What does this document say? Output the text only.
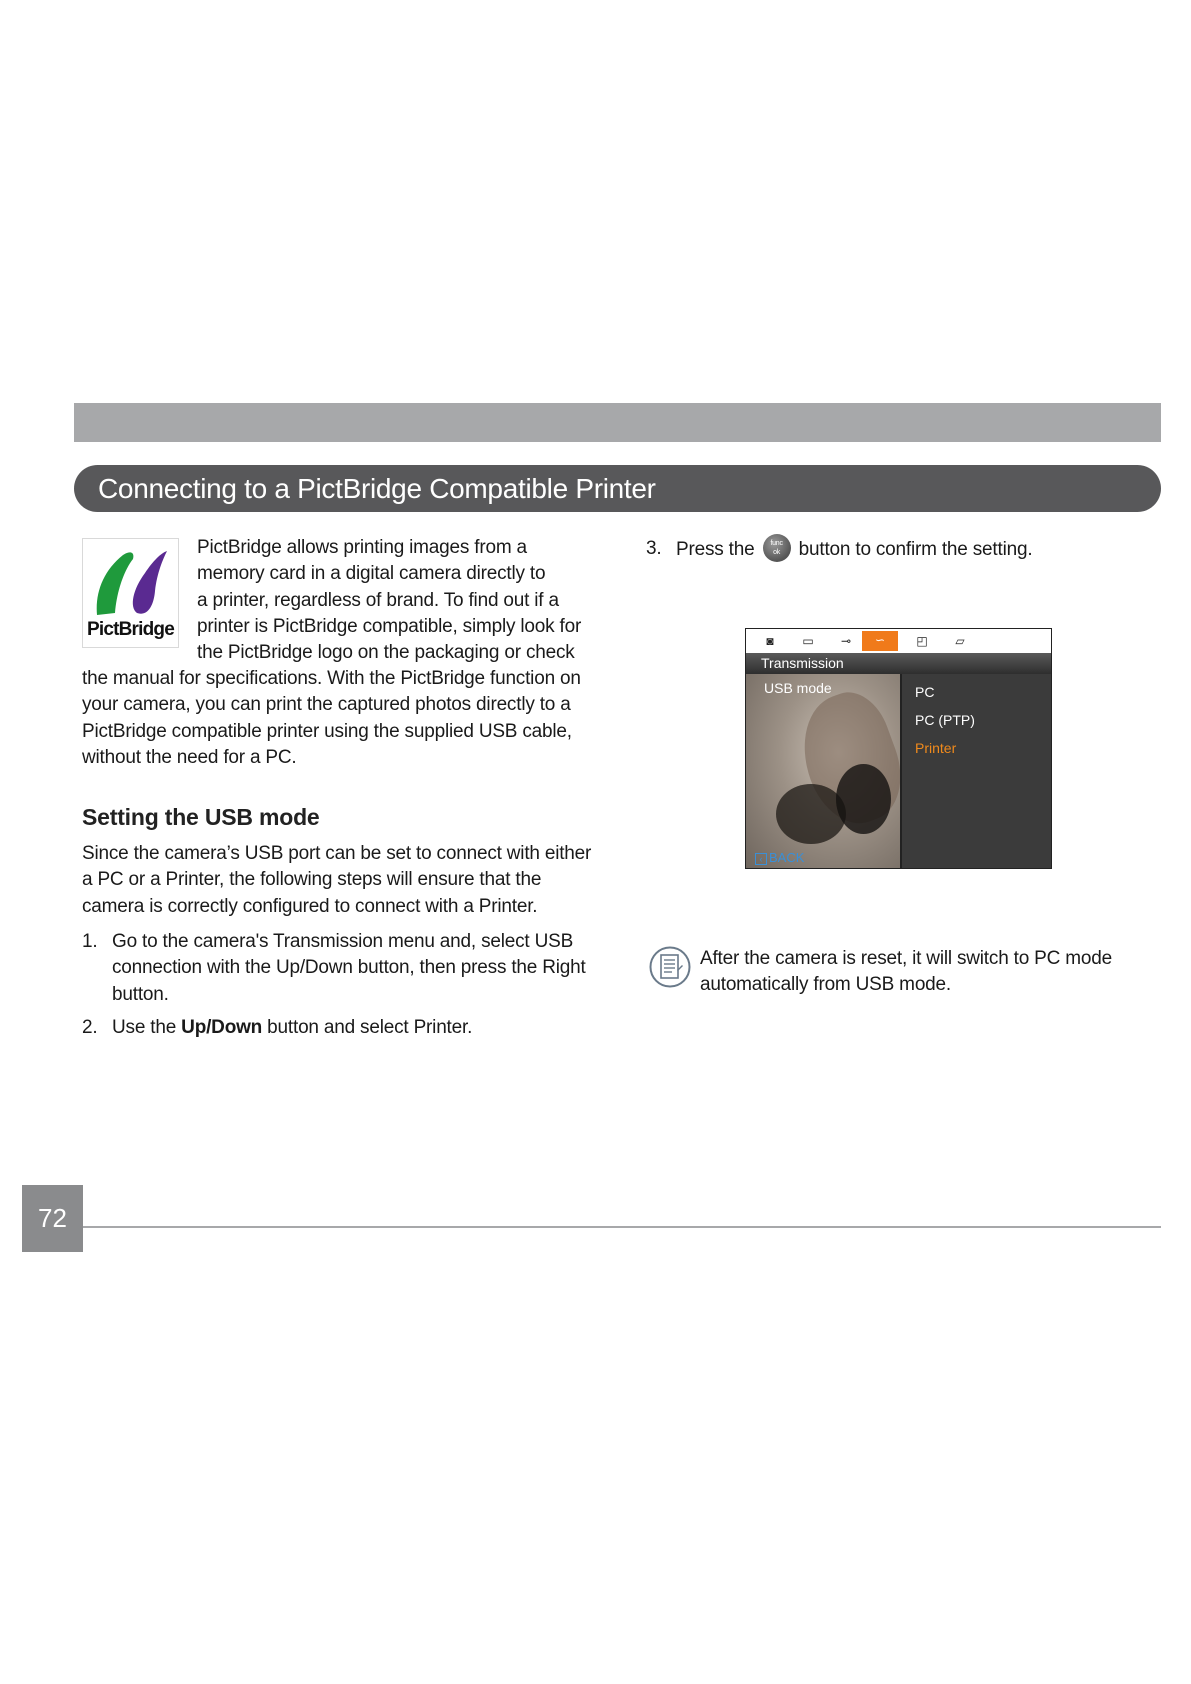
Connecting to a PictBridge Compatible Printer
PictBridge
PictBridge allows printing images from a
memory card in a digital camera directly to
a printer, regardless of brand. To find out if a
printer is PictBridge compatible, simply look for
the PictBridge logo on the packaging or check
the manual for specifications. With the PictBridge function on
your camera, you can print the captured photos directly to a
PictBridge compatible printer using the supplied USB cable,
without the need for a PC.
Setting the USB mode
Since the camera’s USB port can be set to connect with either
a PC or a Printer, the following steps will ensure that the
camera is correctly configured to connect with a Printer.
1. Go to the camera's Transmission menu and, select USB
connection with the Up/Down button, then press the Right
button.
2. Use the Up/Down button and select Printer.
3. Press the func
ok button to confirm the setting.
◙	▭	⊸	∽	◰	▱
Transmission
USB mode
‹ BACK
PC
PC (PTP)
Printer
After the camera is reset, it will switch to PC mode
automatically from USB mode.
72
